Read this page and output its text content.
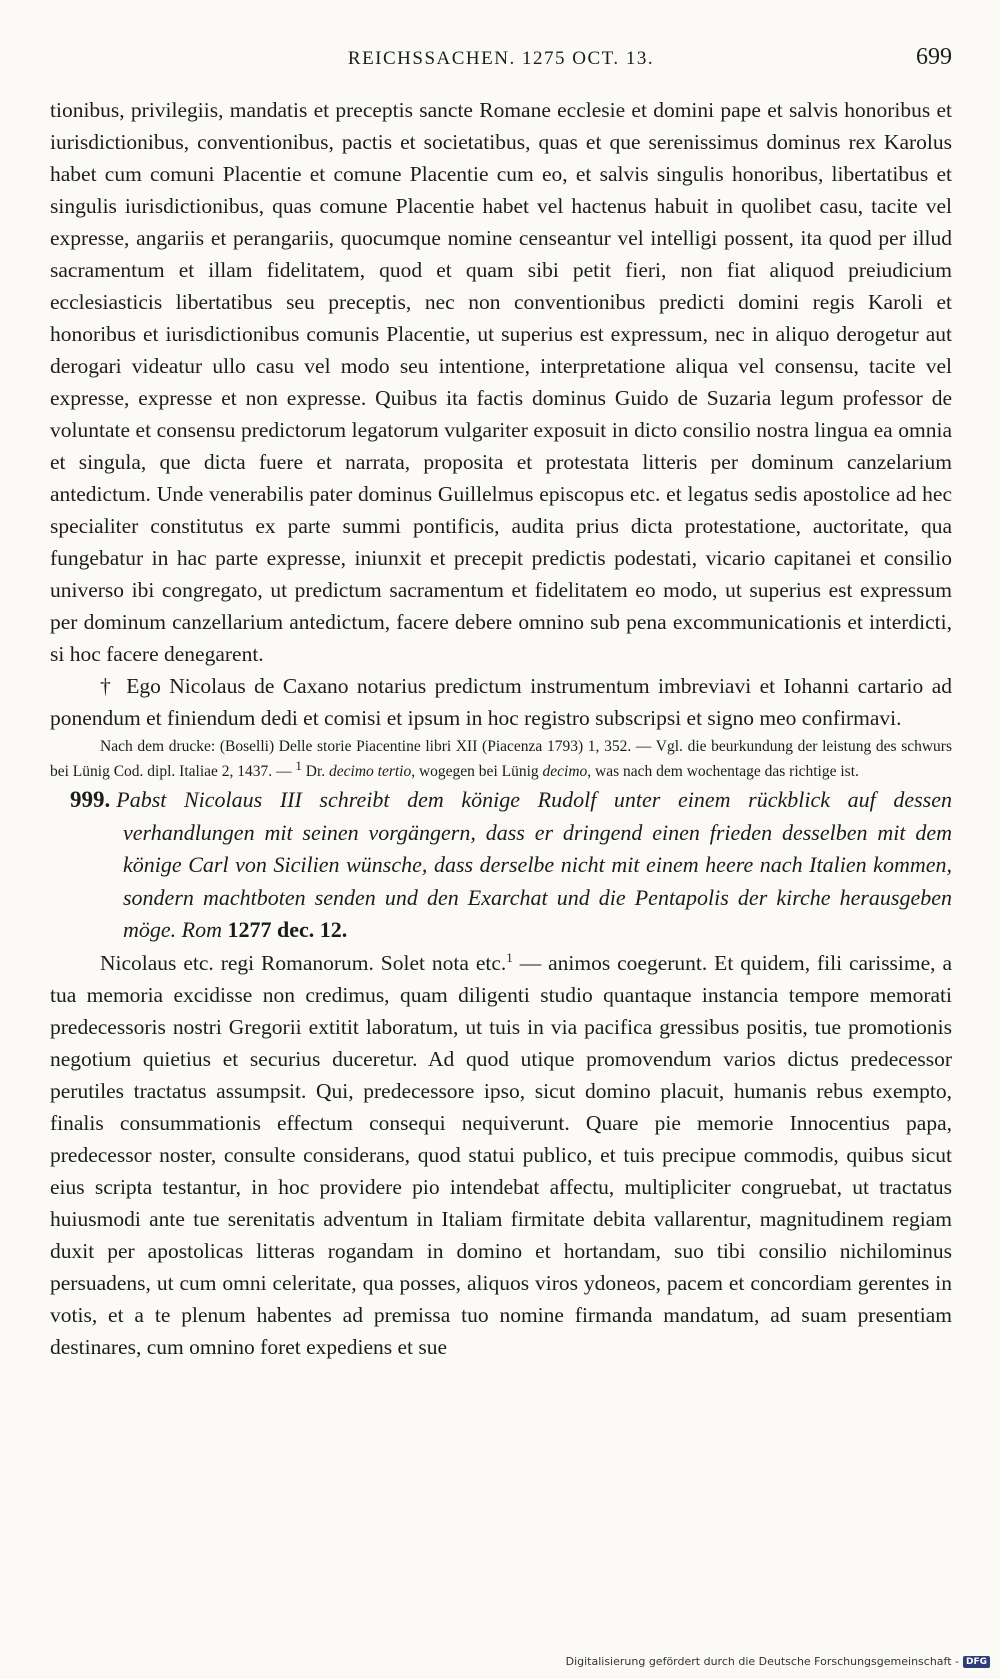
REICHSSACHEN. 1275 OCT. 13.	699

tionibus, privilegiis, mandatis et preceptis sancte Romane ecclesie et domini pape et salvis honoribus et iurisdictionibus, conventionibus, pactis et societatibus, quas et que serenissimus dominus rex Karolus habet cum comuni Placentie et comune Placentie cum eo, et salvis singulis honoribus, libertatibus et singulis iurisdictionibus, quas comune Placentie habet vel hactenus habuit in quolibet casu, tacite vel expresse, angariis et perangariis, quocumque nomine censeantur vel intelligi possent, ita quod per illud sacramentum et illam fidelitatem, quod et quam sibi petit fieri, non fiat aliquod preiudicium ecclesiasticis libertatibus seu preceptis, nec non conventionibus predicti domini regis Karoli et honoribus et iurisdictionibus comunis Placentie, ut superius est expressum, nec in aliquo derogetur aut derogari videatur ullo casu vel modo seu intentione, interpretatione aliqua vel consensu, tacite vel expresse, expresse et non expresse. Quibus ita factis dominus Guido de Suzaria legum professor de voluntate et consensu predictorum legatorum vulgariter exposuit in dicto consilio nostra lingua ea omnia et singula, que dicta fuere et narrata, proposita et protestata litteris per dominum canzelarium antedictum. Unde venerabilis pater dominus Guillelmus episcopus etc. et legatus sedis apostolice ad hec specialiter constitutus ex parte summi pontificis, audita prius dicta protestatione, auctoritate, qua fungebatur in hac parte expresse, iniunxit et precepit predictis podestati, vicario capitanei et consilio universo ibi congregato, ut predictum sacramentum et fidelitatem eo modo, ut superius est expressum per dominum canzellarium antedictum, facere debere omnino sub pena excommunicationis et interdicti, si hoc facere denegarent.

† Ego Nicolaus de Caxano notarius predictum instrumentum imbreviavi et Iohanni cartario ad ponendum et finiendum dedi et comisi et ipsum in hoc registro subscripsi et signo meo confirmavi.

Nach dem drucke: (Boselli) Delle storie Piacentine libri XII (Piacenza 1793) 1, 352. — Vgl. die beurkundung der leistung des schwurs bei Lünig Cod. dipl. Italiae 2, 1437. — $^1$ Dr. decimo tertio, wogegen bei Lünig decimo, was nach dem wochentage das richtige ist.

999. Pabst Nicolaus III schreibt dem könige Rudolf unter einem rückblick auf dessen verhandlungen mit seinen vorgängern, dass er dringend einen frieden desselben mit dem könige Carl von Sicilien wünsche, dass derselbe nicht mit einem heere nach Italien kommen, sondern machtboten senden und den Exarchat und die Pentapolis der kirche herausgeben möge. Rom 1277 dec. 12.

Nicolaus etc. regi Romanorum. Solet nota etc.$^1$ — animos coegerunt. Et quidem, fili carissime, a tua memoria excidisse non credimus, quam diligenti studio quantaque instancia tempore memorati predecessoris nostri Gregorii extitit laboratum, ut tuis in via pacifica gressibus positis, tue promotionis negotium quietius et securius duceretur. Ad quod utique promovendum varios dictus predecessor perutiles tractatus assumpsit. Qui, predecessore ipso, sicut domino placuit, humanis rebus exempto, finalis consummationis effectum consequi nequiverunt. Quare pie memorie Innocentius papa, predecessor noster, consulte considerans, quod statui publico, et tuis precipue commodis, quibus sicut eius scripta testantur, in hoc providere pio intendebat affectu, multipliciter congruebat, ut tractatus huiusmodi ante tue serenitatis adventum in Italiam firmitate debita vallarentur, magnitudinem regiam duxit per apostolicas litteras rogandam in domino et hortandam, suo tibi consilio nichilominus persuadens, ut cum omni celeritate, qua posses, aliquos viros ydoneos, pacem et concordiam gerentes in votis, et a te plenum habentes ad premissa tuo nomine firmanda mandatum, ad suam presentiam destinares, cum omnino foret expediens et sue

Digitalisierung gefördert durch die Deutsche Forschungsgemeinschaft - DFG
